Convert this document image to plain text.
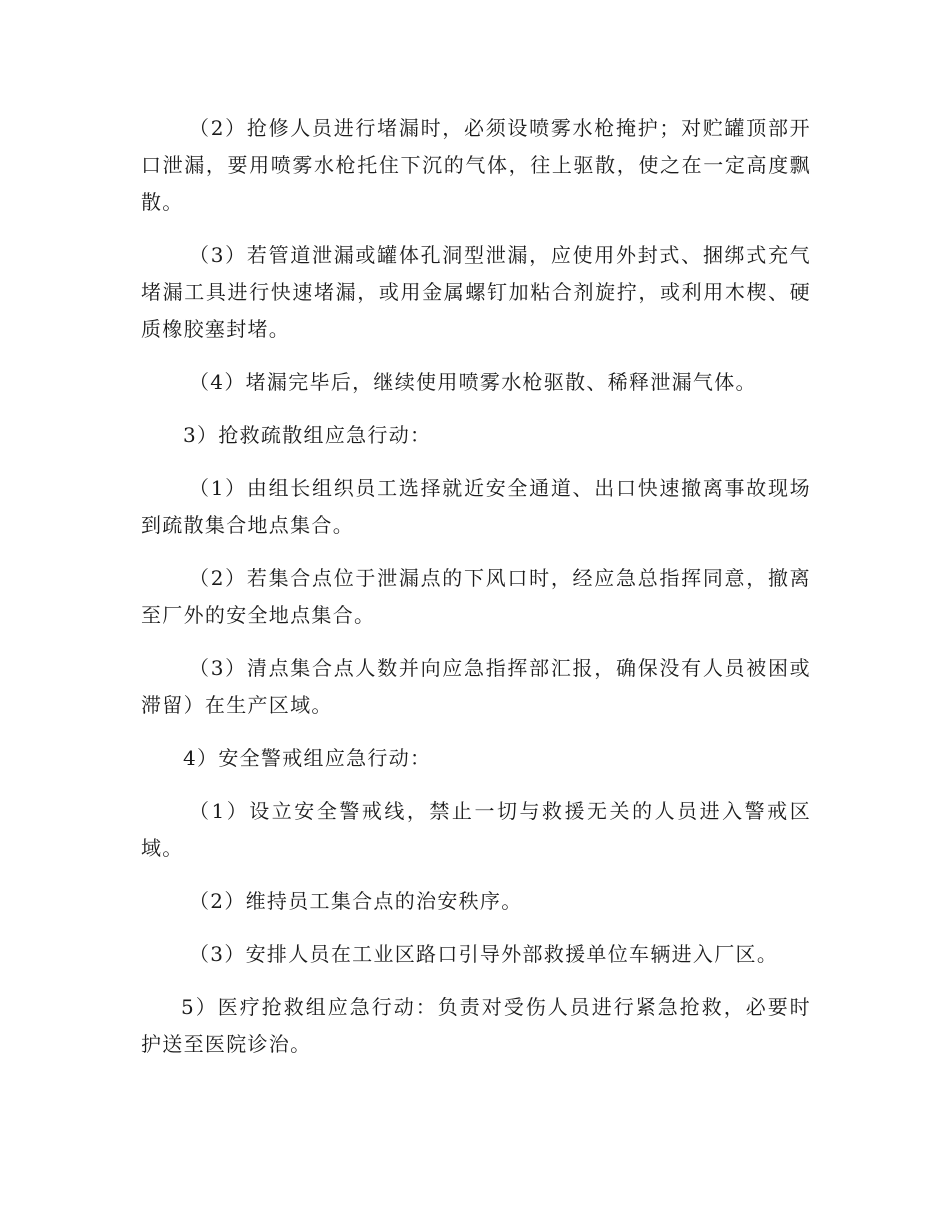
（2）抢修人员进行堵漏时，必须设喷雾水枪掩护；对贮罐顶部开口泄漏，要用喷雾水枪托住下沉的气体，往上驱散，使之在一定高度飘散。

（3）若管道泄漏或罐体孔洞型泄漏，应使用外封式、捆绑式充气堵漏工具进行快速堵漏，或用金属螺钉加粘合剂旋拧，或利用木楔、硬质橡胶塞封堵。

（4）堵漏完毕后，继续使用喷雾水枪驱散、稀释泄漏气体。

3）抢救疏散组应急行动：

（1）由组长组织员工选择就近安全通道、出口快速撤离事故现场到疏散集合地点集合。

（2）若集合点位于泄漏点的下风口时，经应急总指挥同意，撤离至厂外的安全地点集合。

（3）清点集合点人数并向应急指挥部汇报，确保没有人员被困或滞留）在生产区域。

4）安全警戒组应急行动：

（1）设立安全警戒线，禁止一切与救援无关的人员进入警戒区域。

（2）维持员工集合点的治安秩序。

（3）安排人员在工业区路口引导外部救援单位车辆进入厂区。

5）医疗抢救组应急行动：负责对受伤人员进行紧急抢救，必要时护送至医院诊治。
